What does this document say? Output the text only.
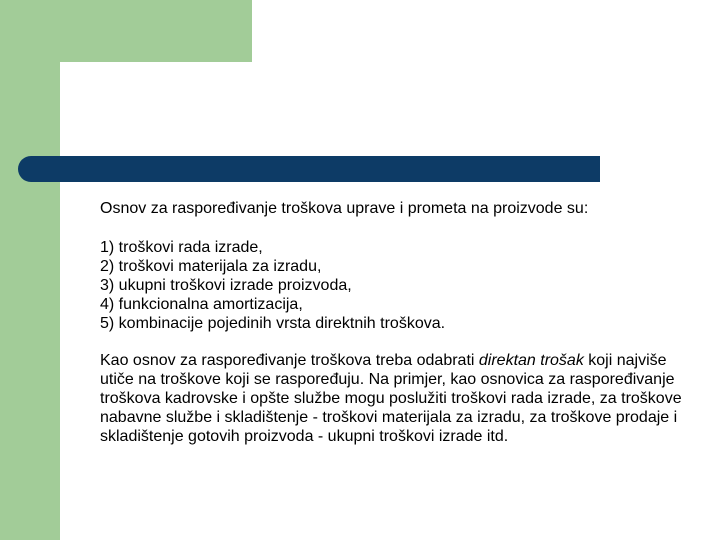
Osnov za raspoređivanje troškova uprave i prometa na proizvode su:

1) troškovi rada izrade,
2) troškovi materijala za izradu,
3) ukupni troškovi izrade proizvoda,
4) funkcionalna amortizacija,
5) kombinacije pojedinih vrsta direktnih troškova.

Kao osnov za raspoređivanje troškova treba odabrati direktan trošak koji najviše utiče na troškove koji se raspoređuju. Na primjer, kao osnovica za raspoređivanje troškova kadrovske i opšte službe mogu poslužiti troškovi rada izrade, za troškove nabavne službe i skladištenje - troškovi materijala za izradu, za troškove prodaje i skladištenje gotovih proizvoda - ukupni troškovi izrade itd.
